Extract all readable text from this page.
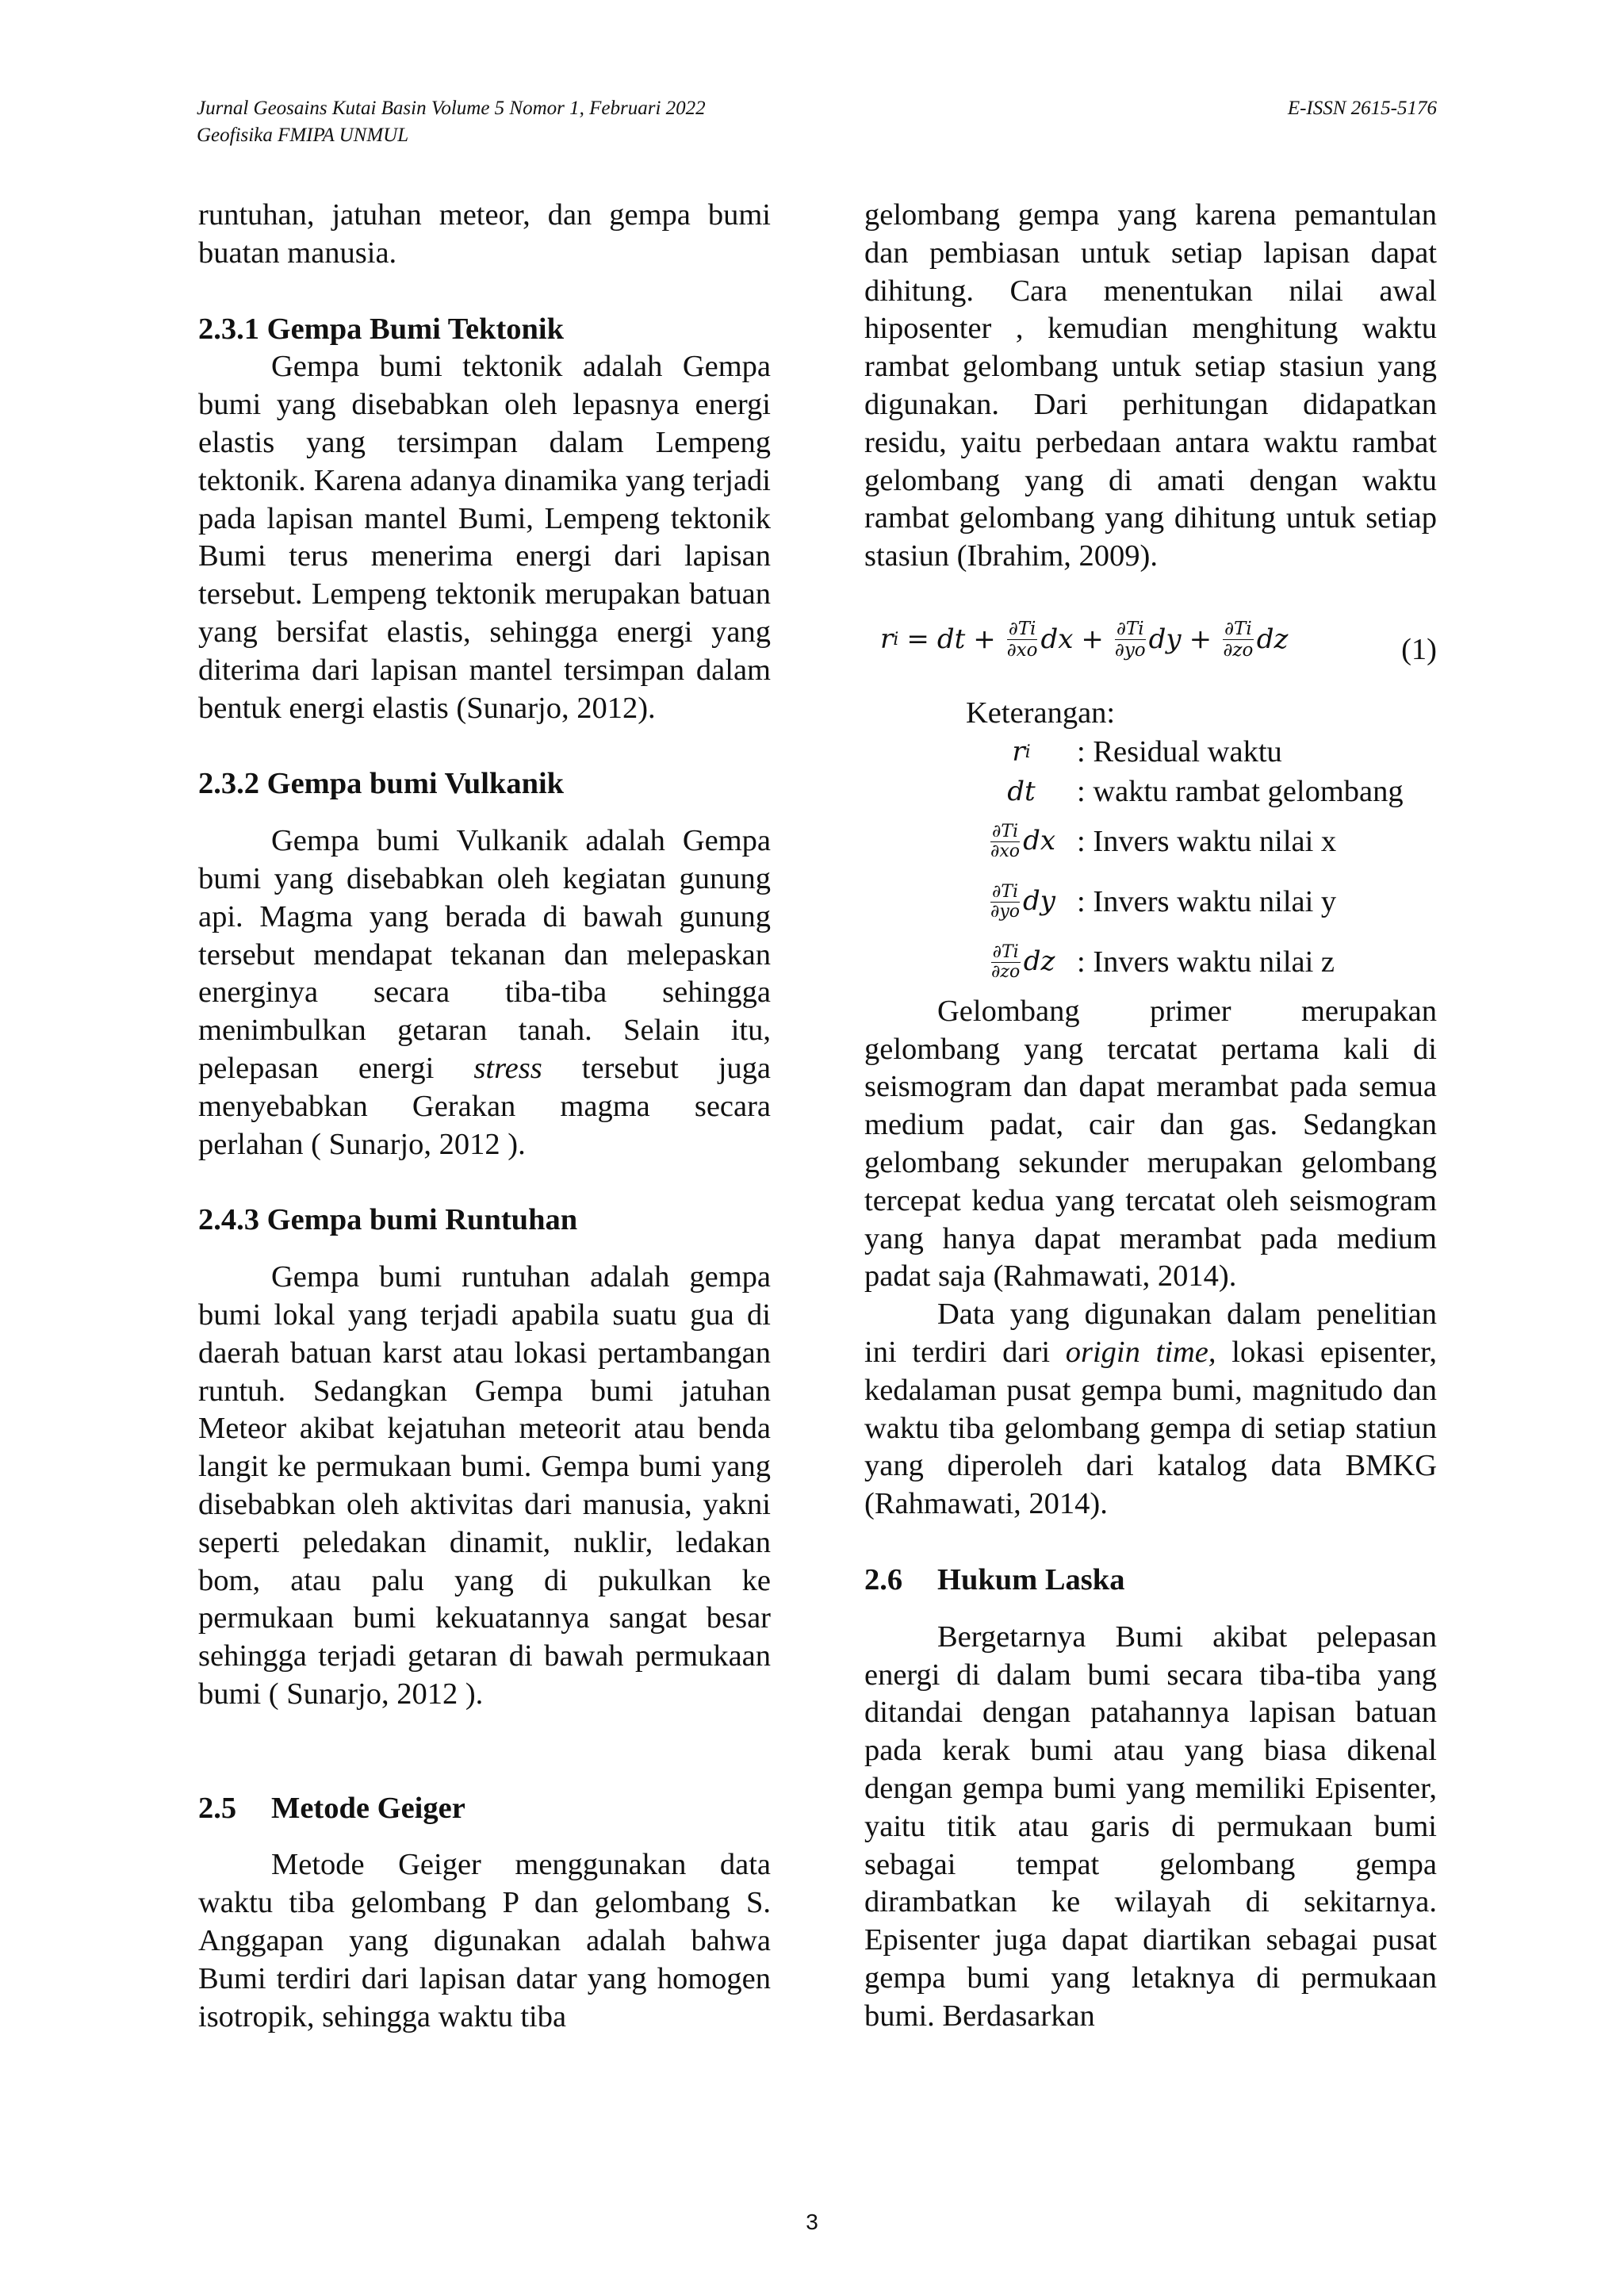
Jurnal Geosains Kutai Basin Volume 5 Nomor 1, Februari 2022
Geofisika FMIPA UNMUL
E-ISSN 2615-5176

runtuhan, jatuhan meteor, dan gempa bumi buatan manusia.

2.3.1 Gempa Bumi Tektonik

Gempa bumi tektonik adalah Gempa bumi yang disebabkan oleh lepasnya energi elastis yang tersimpan dalam Lempeng tektonik. Karena adanya dinamika yang terjadi pada lapisan mantel Bumi, Lempeng tektonik Bumi terus menerima energi dari lapisan tersebut. Lempeng tektonik merupakan batuan yang bersifat elastis, sehingga energi yang diterima dari lapisan mantel tersimpan dalam bentuk energi elastis (Sunarjo, 2012).

2.3.2 Gempa bumi Vulkanik

Gempa bumi Vulkanik adalah Gempa bumi yang disebabkan oleh kegiatan gunung api. Magma yang berada di bawah gunung tersebut mendapat tekanan dan melepaskan energinya secara tiba-tiba sehingga menimbulkan getaran tanah. Selain itu, pelepasan energi stress tersebut juga menyebabkan Gerakan magma secara perlahan ( Sunarjo, 2012 ).

2.4.3 Gempa bumi Runtuhan

Gempa bumi runtuhan adalah gempa bumi lokal yang terjadi apabila suatu gua di daerah batuan karst atau lokasi pertambangan runtuh. Sedangkan Gempa bumi jatuhan Meteor akibat kejatuhan meteorit atau benda langit ke permukaan bumi. Gempa bumi yang disebabkan oleh aktivitas dari manusia, yakni seperti peledakan dinamit, nuklir, ledakan bom, atau palu yang di pukulkan ke permukaan bumi kekuatannya sangat besar sehingga terjadi getaran di bawah permukaan bumi ( Sunarjo, 2012 ).

2.5 Metode Geiger

Metode Geiger menggunakan data waktu tiba gelombang P dan gelombang S. Anggapan yang digunakan adalah bahwa Bumi terdiri dari lapisan datar yang homogen isotropik, sehingga waktu tiba

gelombang gempa yang karena pemantulan dan pembiasan untuk setiap lapisan dapat dihitung. Cara menentukan nilai awal hiposenter , kemudian menghitung waktu rambat gelombang untuk setiap stasiun yang digunakan. Dari perhitungan didapatkan residu, yaitu perbedaan antara waktu rambat gelombang yang di amati dengan waktu rambat gelombang yang dihitung untuk setiap stasiun (Ibrahim, 2009).

r i = dt + $\frac{\partial Ti}{\partial xo}$ dx + $\frac{\partial Ti}{\partial yo}$ dy + $\frac{\partial Ti}{\partial zo}$ dz	(1)
Keterangan:
r i : Residual waktu
dt : waktu rambat gelombang
$\frac{\partial Ti}{\partial xo}$ dx : Invers waktu nilai x
$\frac{\partial Ti}{\partial yo}$ dy : Invers waktu nilai y
$\frac{\partial Ti}{\partial zo}$ dz : Invers waktu nilai z

Gelombang primer merupakan gelombang yang tercatat pertama kali di seismogram dan dapat merambat pada semua medium padat, cair dan gas. Sedangkan gelombang sekunder merupakan gelombang tercepat kedua yang tercatat oleh seismogram yang hanya dapat merambat pada medium padat saja (Rahmawati, 2014).

Data yang digunakan dalam penelitian ini terdiri dari origin time, lokasi episenter, kedalaman pusat gempa bumi, magnitudo dan waktu tiba gelombang gempa di setiap statiun yang diperoleh dari katalog data BMKG (Rahmawati, 2014).

2.6 Hukum Laska

Bergetarnya Bumi akibat pelepasan energi di dalam bumi secara tiba-tiba yang ditandai dengan patahannya lapisan batuan pada kerak bumi atau yang biasa dikenal dengan gempa bumi yang memiliki Episenter, yaitu titik atau garis di permukaan bumi sebagai tempat gelombang gempa dirambatkan ke wilayah di sekitarnya. Episenter juga dapat diartikan sebagai pusat gempa bumi yang letaknya di permukaan bumi. Berdasarkan

3
